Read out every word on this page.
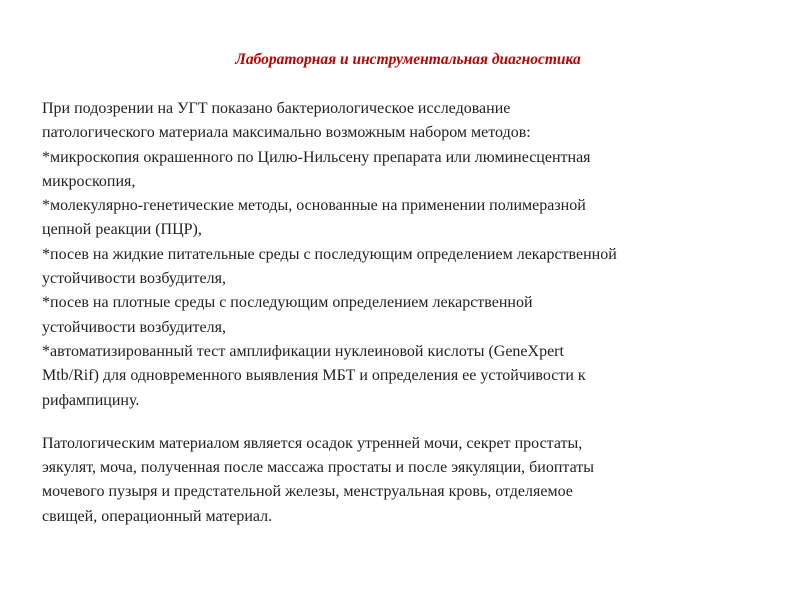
Лабораторная и инструментальная диагностика
При подозрении на УГТ показано бактериологическое исследование
патологического материала максимально возможным набором методов:
*микроскопия окрашенного по Цилю-Нильсену препарата или люминесцентная
микроскопия,
*молекулярно-генетические методы, основанные на применении полимеразной
цепной реакции (ПЦР),
*посев на жидкие питательные среды с последующим определением лекарственной
устойчивости возбудителя,
*посев на плотные среды с последующим определением лекарственной
устойчивости возбудителя,
*автоматизированный тест амплификации нуклеиновой кислоты (GeneXpert
Mtb/Rif) для одновременного выявления МБТ и определения ее устойчивости к
рифампицину.
Патологическим материалом является осадок утренней мочи, секрет простаты,
эякулят, моча, полученная после массажа простаты и после эякуляции, биоптаты
мочевого пузыря и предстательной железы, менструальная кровь, отделяемое
свищей, операционный материал.
